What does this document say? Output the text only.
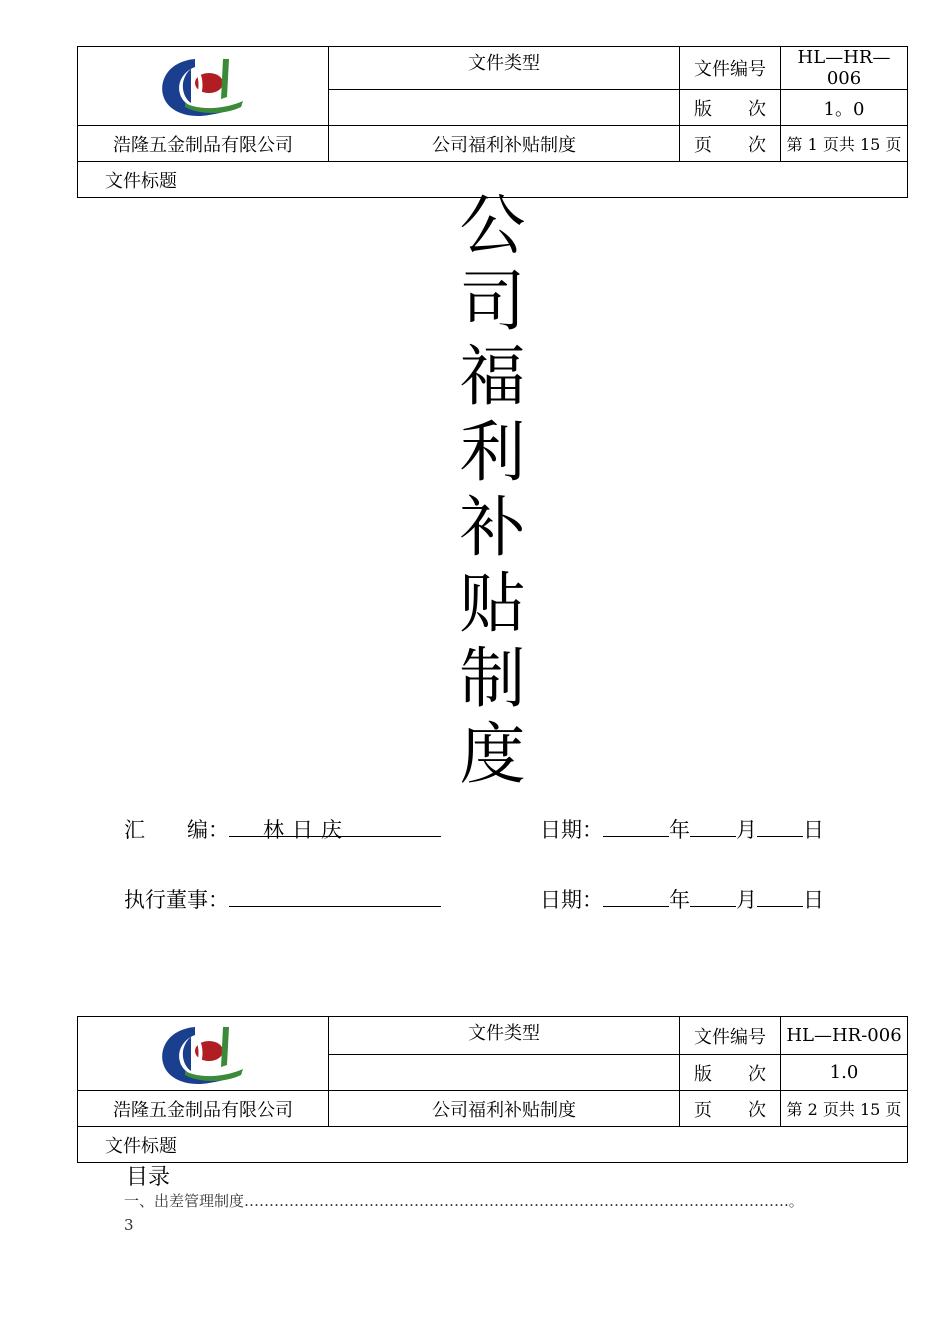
	文件类型	文件编号	HL—HR—006
		版　　次	1。0
浩隆五金制品有限公司	公司福利补贴制度	页　　次	第 1 页共 15 页
文件标题			
公
司
福
利
补
贴
制
度
汇　　编： 林日庆	日期：	年 月 日
执行董事：	日期：	年 月 日
	文件类型	文件编号	HL—HR-006
		版　　次	1.0
浩隆五金制品有限公司	公司福利补贴制度	页　　次	第 2 页共 15 页
文件标题			
目录
一、出差管理制度……………………………………………………………………………………………….。
3
